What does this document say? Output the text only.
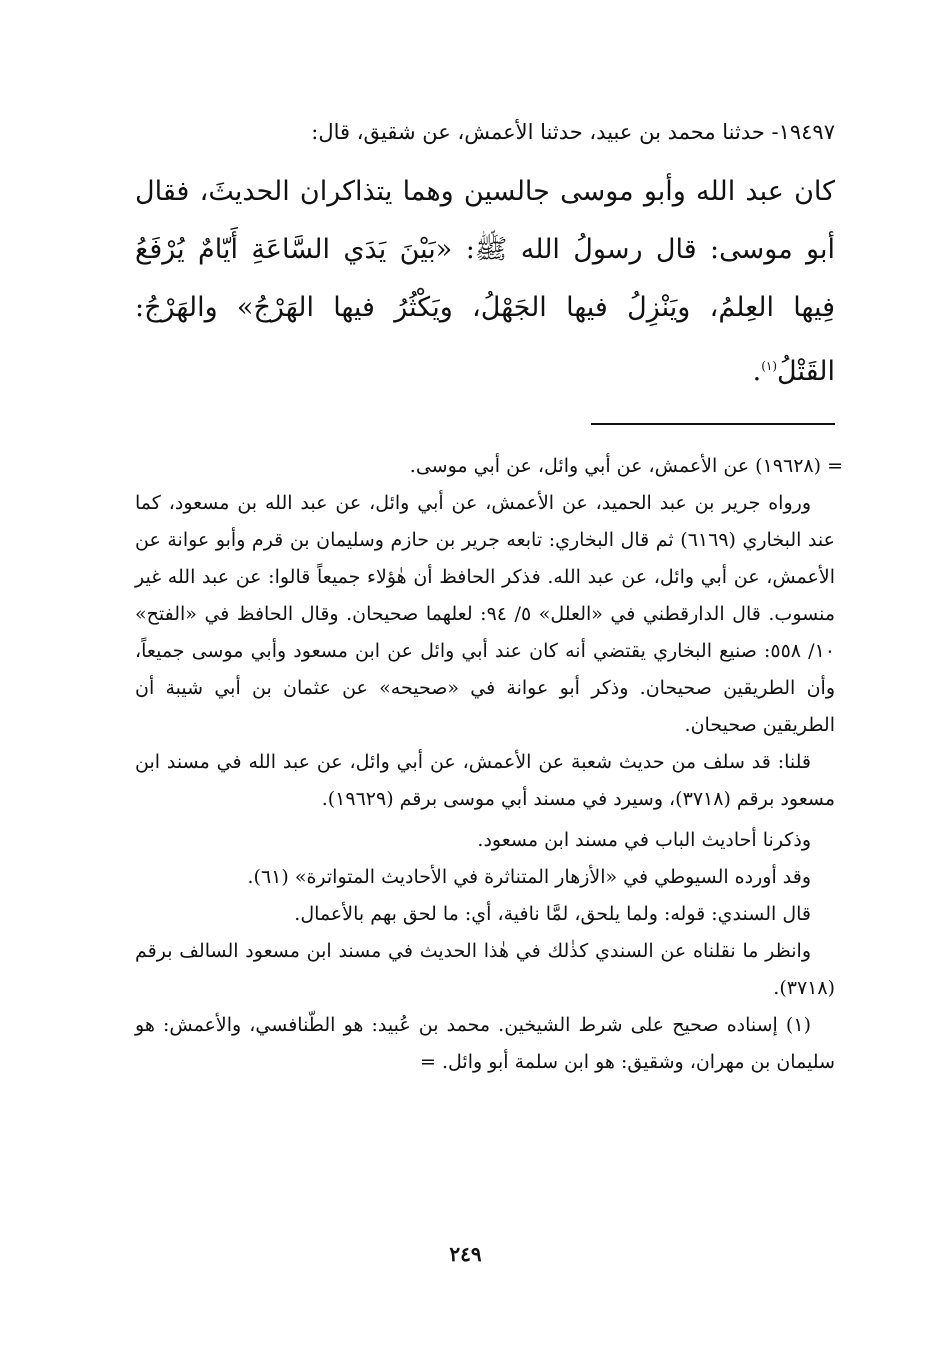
١٩٤٩٧- حدثنا محمد بن عبيد، حدثنا الأعمش، عن شقيق، قال:
كان عبد الله وأبو موسى جالسين وهما يتذاكران الحديثَ، فقال أبو موسى: قال رسولُ الله ﷺ: «بَيْنَ يَدَي السَّاعَةِ أَيّامٌ يُرْفَعُ فِيها العِلمُ، ويَنْزِلُ فيها الجَهْلُ، ويَكْثُرُ فيها الهَرْجُ» والهَرْجُ: القَتْلُ$^{(١)}$.

= (١٩٦٢٨) عن الأعمش، عن أبي وائل، عن أبي موسى.

ورواه جرير بن عبد الحميد، عن الأعمش، عن أبي وائل، عن عبد الله بن مسعود، كما عند البخاري (٦١٦٩) ثم قال البخاري: تابعه جرير بن حازم وسليمان بن قرم وأبو عوانة عن الأعمش، عن أبي وائل، عن عبد الله. فذكر الحافظ أن هٰؤلاء جميعاً قالوا: عن عبد الله غير منسوب. قال الدارقطني في «العلل» ٥/ ٩٤: لعلهما صحيحان. وقال الحافظ في «الفتح» ١٠/ ٥٥٨: صنيع البخاري يقتضي أنه كان عند أبي وائل عن ابن مسعود وأبي موسى جميعاً، وأن الطريقين صحيحان. وذكر أبو عوانة في «صحيحه» عن عثمان بن أبي شيبة أن الطريقين صحيحان.

قلنا: قد سلف من حديث شعبة عن الأعمش، عن أبي وائل، عن عبد الله في مسند ابن مسعود برقم (٣٧١٨)، وسيرد في مسند أبي موسى برقم (١٩٦٢٩).

وذكرنا أحاديث الباب في مسند ابن مسعود.

وقد أورده السيوطي في «الأزهار المتناثرة في الأحاديث المتواترة» (٦١).

قال السندي: قوله: ولما يلحق، لمَّا نافية، أي: ما لحق بهم بالأعمال.

وانظر ما نقلناه عن السندي كذٰلك في هٰذا الحديث في مسند ابن مسعود السالف برقم (٣٧١٨).

(١) إسناده صحيح على شرط الشيخين. محمد بن عُبيد: هو الطّنافسي، والأعمش: هو سليمان بن مهران، وشقيق: هو ابن سلمة أبو وائل. =

٢٤٩
